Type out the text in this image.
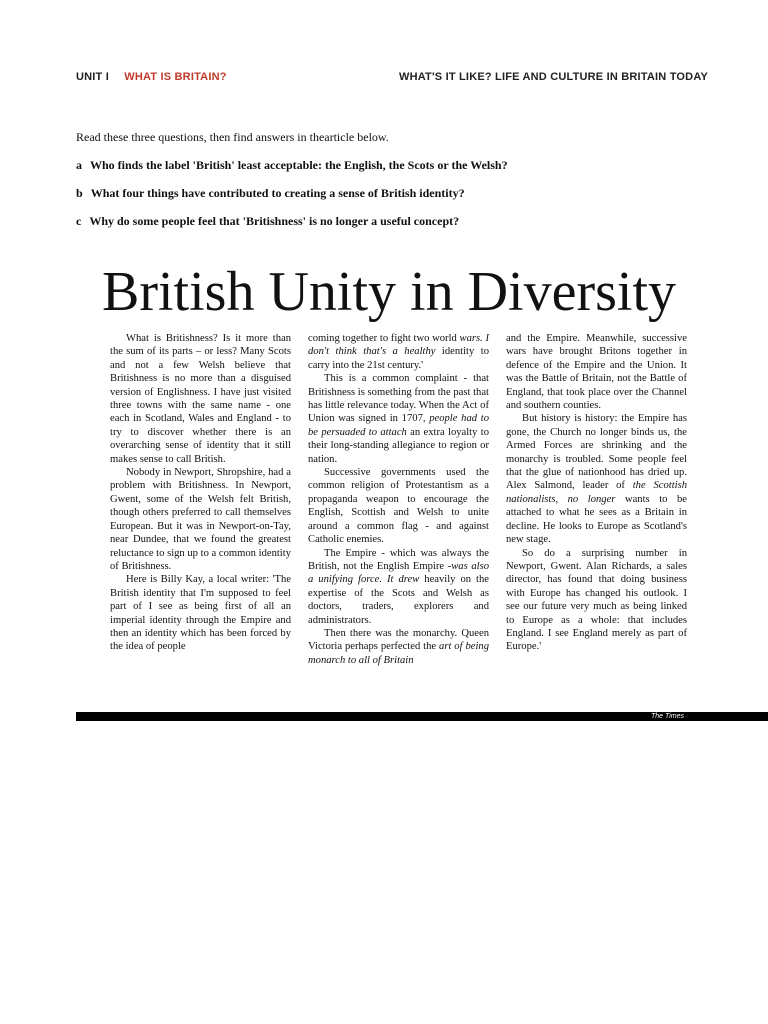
UNIT I WHAT IS BRITAIN?	WHAT'S IT LIKE? LIFE AND CULTURE IN BRITAIN TODAY
Read these three questions, then find answers in thearticle below.
a Who finds the label 'British' least acceptable: the English, the Scots or the Welsh?
b What four things have contributed to creating a sense of British identity?
c Why do some people feel that 'Britishness' is no longer a useful concept?
British Unity in Diversity

What is Britishness? Is it more than the sum of its parts – or less? Many Scots and not a few Welsh believe that Britishness is no more than a disguised version of Englishness. I have just visited three towns with the same name - one each in Scotland, Wales and England - to try to discover whether there is an overarching sense of identity that it still makes sense to call British.

Nobody in Newport, Shropshire, had a problem with Britishness. In Newport, Gwent, some of the Welsh felt British, though others preferred to call themselves European. But it was in Newport-on-Tay, near Dundee, that we found the greatest reluctance to sign up to a common identity of Britishness.

Here is Billy Kay, a local writer: 'The British identity that I'm supposed to feel part of I see as being first of all an imperial identity through the Empire and then an identity which has been forced by the idea of people

coming together to fight two world wars. I don't think that's a healthy identity to carry into the 21st century.'

This is a common complaint - that Britishness is something from the past that has little relevance today. When the Act of Union was signed in 1707, people had to be persuaded to attach an extra loyalty to their long-standing allegiance to region or nation.

Successive governments used the common religion of Protestantism as a propaganda weapon to encourage the English, Scottish and Welsh to unite around a common flag - and against Catholic enemies.

The Empire - which was always the British, not the English Empire -was also a unifying force. It drew heavily on the expertise of the Scots and Welsh as doctors, traders, explorers and administrators.

Then there was the monarchy. Queen Victoria perhaps perfected the art of being monarch to all of Britain

and the Empire. Meanwhile, successive wars have brought Britons together in defence of the Empire and the Union. It was the Battle of Britain, not the Battle of England, that took place over the Channel and southern counties.

But history is history: the Empire has gone, the Church no longer binds us, the Armed Forces are shrinking and the monarchy is troubled. Some people feel that the glue of nationhood has dried up. Alex Salmond, leader of the Scottish nationalists, no longer wants to be attached to what he sees as a Britain in decline. He looks to Europe as Scotland's new stage.

So do a surprising number in Newport, Gwent. Alan Richards, a sales director, has found that doing business with Europe has changed his outlook. I see our future very much as being linked to Europe as a whole: that includes England. I see England merely as part of Europe.'

The Times
